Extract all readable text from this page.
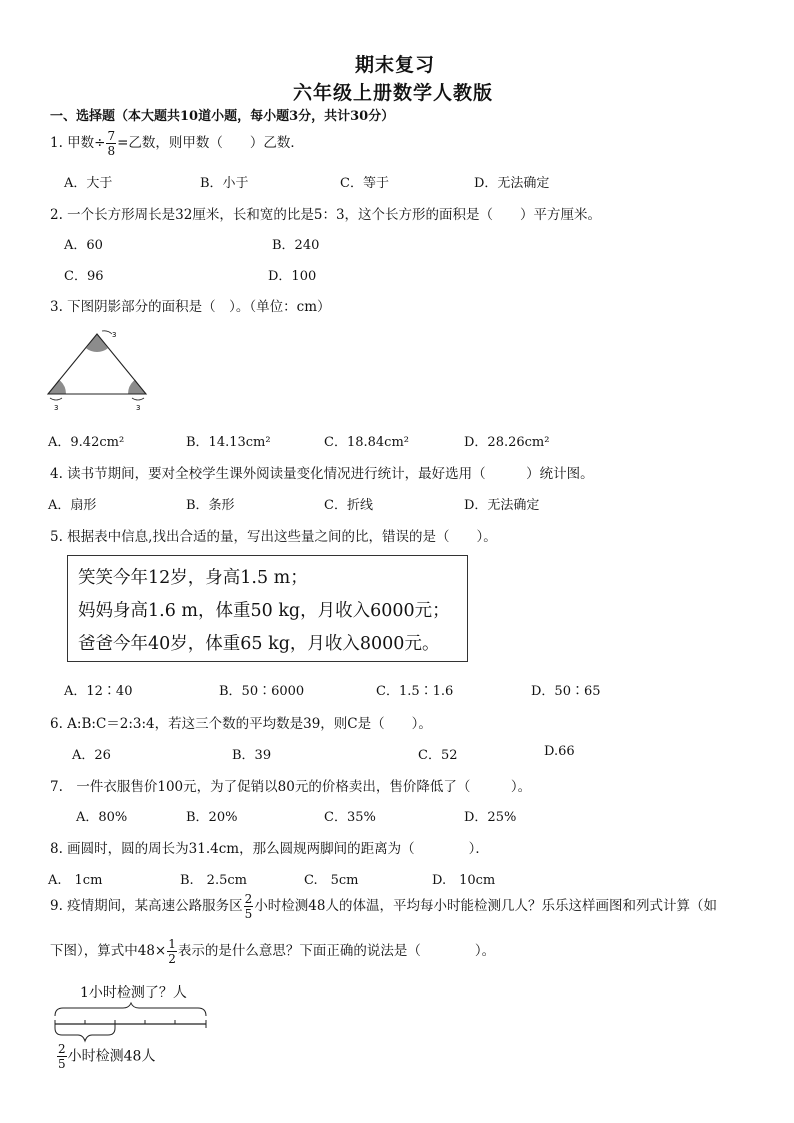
期末复习
六年级上册数学人教版
一、选择题（本大题共10道小题，每小题3分，共计30分）
1. 甲数÷ $\frac{7}{8}$ =乙数，则甲数（　　）乙数．
A．大于	B．小于	C．等于	D．无法确定
2. 一个长方形周长是32厘米，长和宽的比是5：3，这个长方形的面积是（　　）平方厘米。
A．60	B．240
C．96	D．100
3. 下图阴影部分的面积是（　）。（单位：cm）
3
3	3
A．9.42cm²	B．14.13cm²	C．18.84cm²	D．28.26cm²
4. 读书节期间，要对全校学生课外阅读量变化情况进行统计，最好选用（　　　）统计图。
A．扇形	B．条形	C．折线	D．无法确定
5. 根据表中信息,找出合适的量，写出这些量之间的比，错误的是（　　）。
笑笑今年12岁，身高1.5 m；
妈妈身高1.6 m，体重50 kg，月收入6000元；
爸爸今年40岁，体重65 kg，月收入8000元。
A．12∶40	B．50∶6000	C．1.5∶1.6	D．50∶65
6. A:B:C＝2:3:4，若这三个数的平均数是39，则C是（　　）。
A．26	B．39	C．52	D.66
7.　一件衣服售价100元，为了促销以80元的价格卖出，售价降低了（　　　）。
A．80%	B．20%	C．35%	D．25%
8. 画圆时，圆的周长为31.4cm，那么圆规两脚间的距离为（　　　　）．
A.　1cm	B.　2.5cm	C.　5cm	D.　10cm
9. 疫情期间，某高速公路服务区 $\frac{2}{5}$ 小时检测48人的体温，平均每小时能检测几人？乐乐这样画图和列式计算（如
下图），算式中$48\times \frac{1}{2}$ 表示的是什么意思？下面正确的说法是（　　　　）。
1小时检测了？人
$\frac{2}{5}$ 小时检测48人
